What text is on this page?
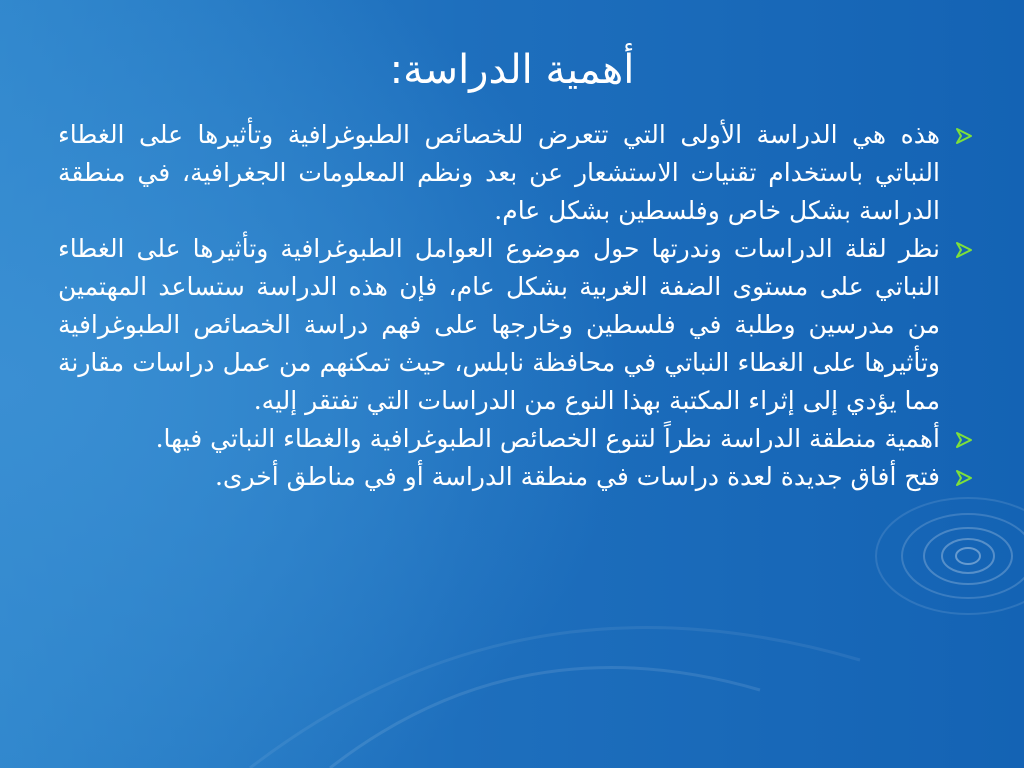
أهمية الدراسة:
هذه هي الدراسة الأولى التي تتعرض للخصائص الطبوغرافية وتأثيرها على الغطاء النباتي باستخدام تقنيات الاستشعار عن بعد ونظم المعلومات الجغرافية، في منطقة الدراسة بشكل خاص وفلسطين بشكل عام.
نظر لقلة الدراسات وندرتها حول موضوع العوامل الطبوغرافية وتأثيرها على الغطاء النباتي على مستوى الضفة الغربية بشكل عام، فإن هذه الدراسة ستساعد المهتمين من مدرسين وطلبة في فلسطين وخارجها على فهم دراسة الخصائص الطبوغرافية وتأثيرها على الغطاء النباتي في محافظة نابلس، حيث تمكنهم من عمل دراسات مقارنة مما يؤدي إلى إثراء المكتبة بهذا النوع من الدراسات التي تفتقر إليه.
أهمية منطقة الدراسة نظراً لتنوع الخصائص الطبوغرافية والغطاء النباتي فيها.
فتح أفاق جديدة لعدة دراسات في منطقة الدراسة أو في مناطق أخرى.
